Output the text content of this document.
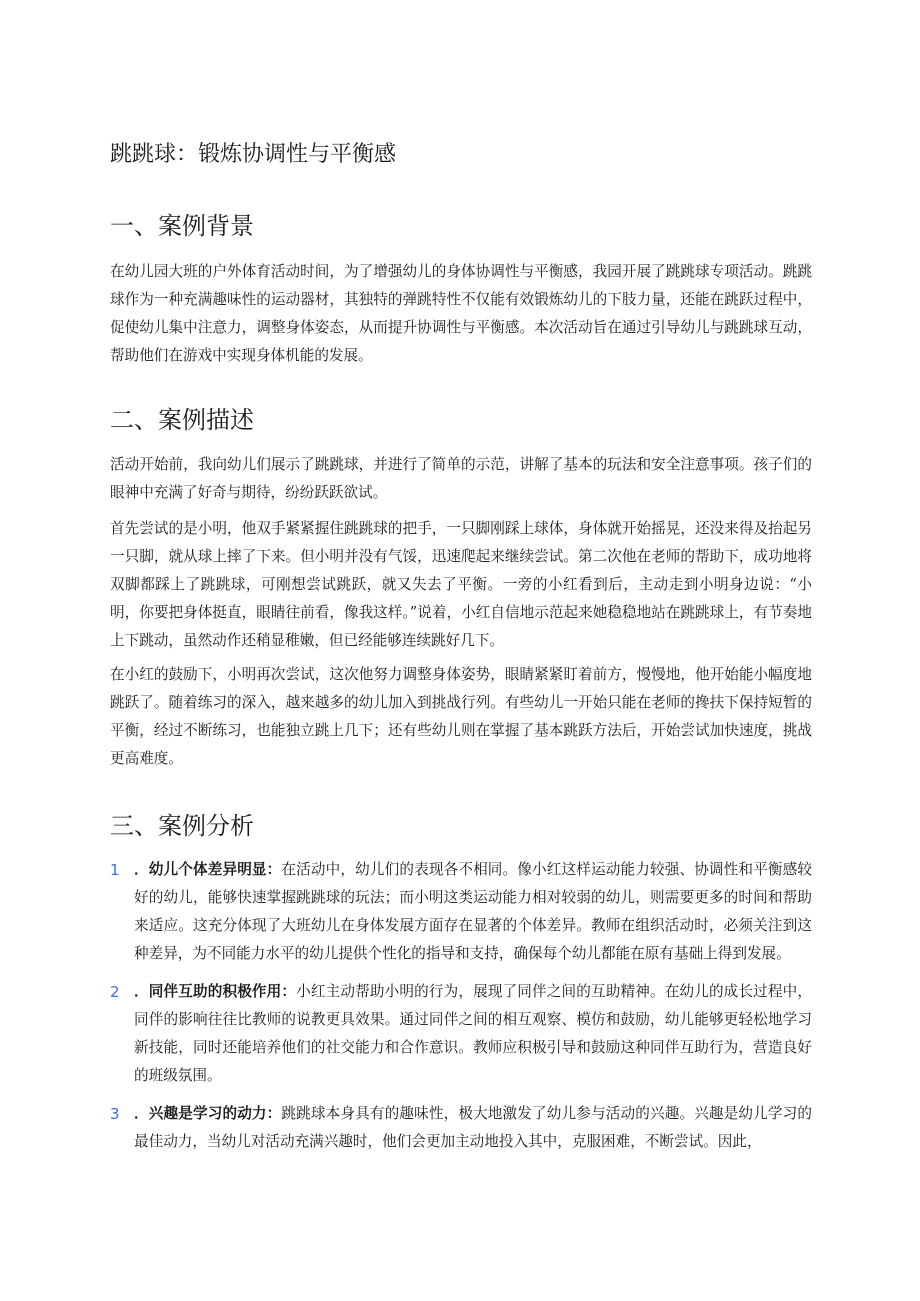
跳跳球：锻炼协调性与平衡感
一、案例背景

在幼儿园大班的户外体育活动时间，为了增强幼儿的身体协调性与平衡感，我园开展了跳跳球专项活动。跳跳球作为一种充满趣味性的运动器材，其独特的弹跳特性不仅能有效锻炼幼儿的下肢力量，还能在跳跃过程中，促使幼儿集中注意力，调整身体姿态，从而提升协调性与平衡感。本次活动旨在通过引导幼儿与跳跳球互动，帮助他们在游戏中实现身体机能的发展。

二、案例描述

活动开始前，我向幼儿们展示了跳跳球，并进行了简单的示范，讲解了基本的玩法和安全注意事项。孩子们的眼神中充满了好奇与期待，纷纷跃跃欲试。

首先尝试的是小明，他双手紧紧握住跳跳球的把手，一只脚刚踩上球体，身体就开始摇晃，还没来得及抬起另一只脚，就从球上摔了下来。但小明并没有气馁，迅速爬起来继续尝试。第二次他在老师的帮助下，成功地将双脚都踩上了跳跳球，可刚想尝试跳跃，就又失去了平衡。一旁的小红看到后，主动走到小明身边说：“小明，你要把身体挺直，眼睛往前看，像我这样。”说着，小红自信地示范起来她稳稳地站在跳跳球上，有节奏地上下跳动，虽然动作还稍显稚嫩，但已经能够连续跳好几下。

在小红的鼓励下，小明再次尝试，这次他努力调整身体姿势，眼睛紧紧盯着前方，慢慢地，他开始能小幅度地跳跃了。随着练习的深入，越来越多的幼儿加入到挑战行列。有些幼儿一开始只能在老师的搀扶下保持短暂的平衡，经过不断练习，也能独立跳上几下；还有些幼儿则在掌握了基本跳跃方法后，开始尝试加快速度，挑战更高难度。

三、案例分析
1 ．幼儿个体差异明显：在活动中，幼儿们的表现各不相同。像小红这样运动能力较强、协调性和平衡感较好的幼儿，能够快速掌握跳跳球的玩法；而小明这类运动能力相对较弱的幼儿，则需要更多的时间和帮助来适应。这充分体现了大班幼儿在身体发展方面存在显著的个体差异。教师在组织活动时，必须关注到这种差异，为不同能力水平的幼儿提供个性化的指导和支持，确保每个幼儿都能在原有基础上得到发展。
2 ．同伴互助的积极作用：小红主动帮助小明的行为，展现了同伴之间的互助精神。在幼儿的成长过程中，同伴的影响往往比教师的说教更具效果。通过同伴之间的相互观察、模仿和鼓励，幼儿能够更轻松地学习新技能，同时还能培养他们的社交能力和合作意识。教师应积极引导和鼓励这种同伴互助行为，营造良好的班级氛围。
3 ．兴趣是学习的动力：跳跳球本身具有的趣味性，极大地激发了幼儿参与活动的兴趣。兴趣是幼儿学习的最佳动力，当幼儿对活动充满兴趣时，他们会更加主动地投入其中，克服困难，不断尝试。因此，
